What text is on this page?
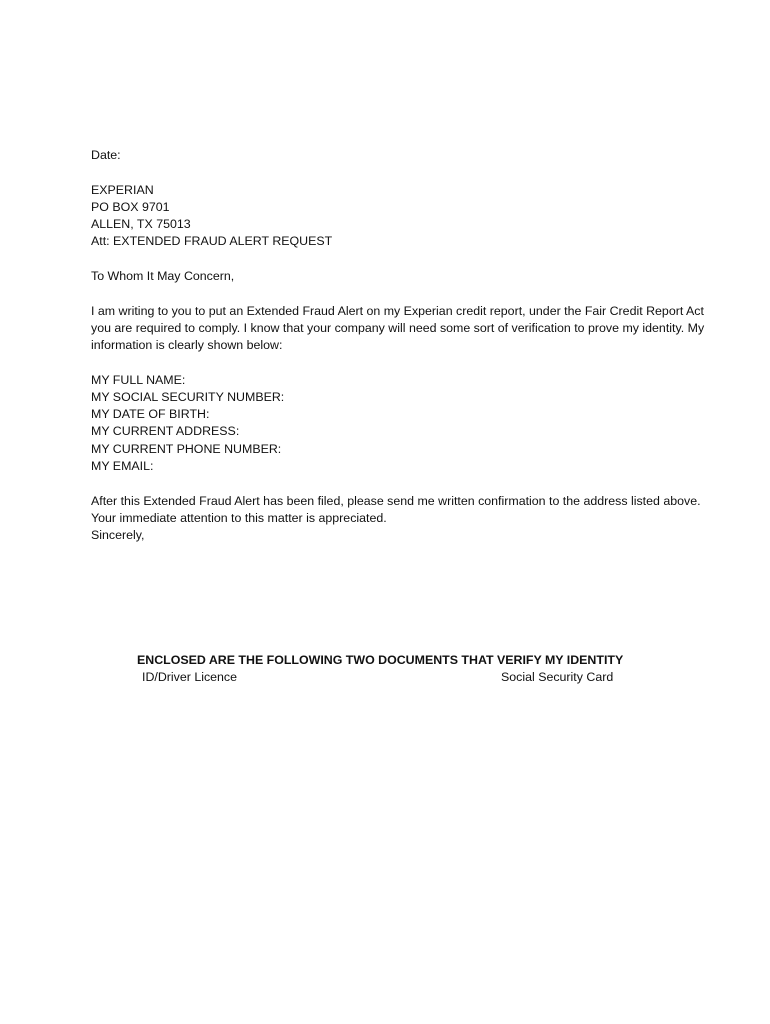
Date:
EXPERIAN
PO BOX 9701
ALLEN, TX 75013
Att: EXTENDED FRAUD ALERT REQUEST
To Whom It May Concern,
I am writing to you to put an Extended Fraud Alert on my Experian credit report, under the Fair Credit Report Act
you are required to comply. I know that your company will need some sort of verification to prove my identity. My
information is clearly shown below:
MY FULL NAME:
MY SOCIAL SECURITY NUMBER:
MY DATE OF BIRTH:
MY CURRENT ADDRESS:
MY CURRENT PHONE NUMBER:
MY EMAIL:
After this Extended Fraud Alert has been filed, please send me written confirmation to the address listed above.
Your immediate attention to this matter is appreciated.
Sincerely,
ENCLOSED ARE THE FOLLOWING TWO DOCUMENTS THAT VERIFY MY IDENTITY
ID/Driver Licence	Social Security Card
